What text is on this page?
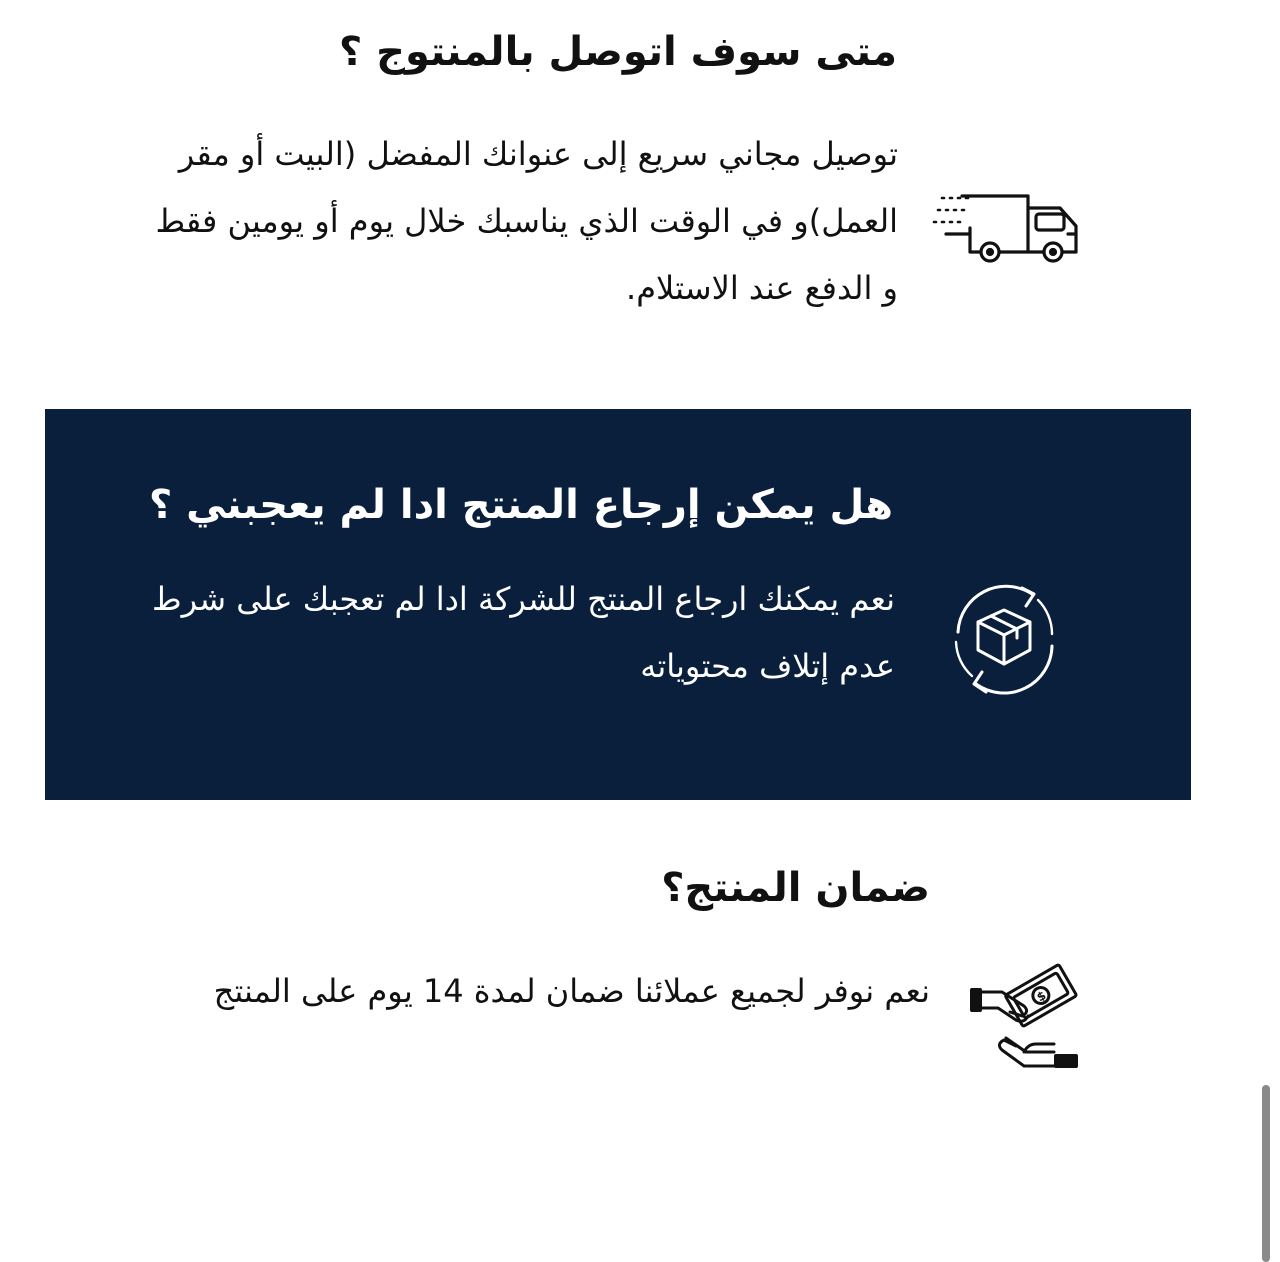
متى سوف اتوصل بالمنتوج ؟

توصيل مجاني سريع إلى عنوانك المفضل (البيت أو مقر العمل)و في الوقت الذي يناسبك خلال يوم أو يومين فقط و الدفع عند الاستلام.

هل يمكن إرجاع المنتج ادا لم يعجبني ؟

نعم يمكنك ارجاع المنتج للشركة ادا لم تعجبك على شرط عدم إتلاف محتوياته

ضمان المنتج؟

نعم نوفر لجميع عملائنا ضمان لمدة 14 يوم على المنتج	$
